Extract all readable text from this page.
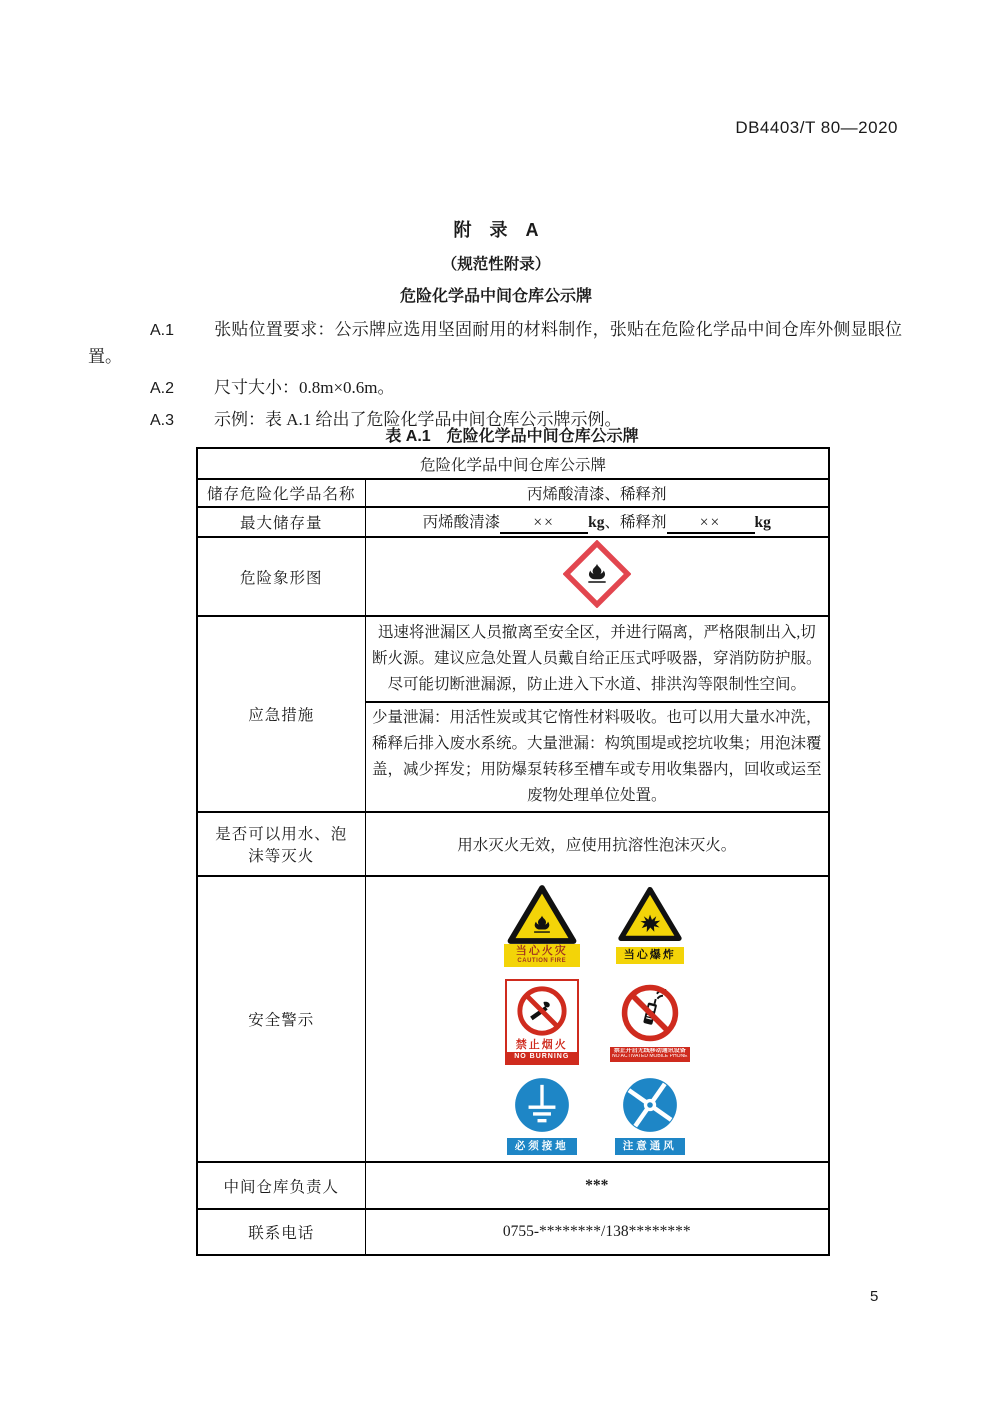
DB4403/T 80—2020
附　录　A
（规范性附录）
危险化学品中间仓库公示牌

A.1 张贴位置要求：公示牌应选用坚固耐用的材料制作，张贴在危险化学品中间仓库外侧显眼位置。

A.2 尺寸大小：0.8m×0.6m。

A.3 示例：表 A.1 给出了危险化学品中间仓库公示牌示例。

表 A.1　危险化学品中间仓库公示牌
危险化学品中间仓库公示牌	
储存危险化学品名称	丙烯酸清漆、稀释剂
最大储存量	丙烯酸清漆 ×× kg、稀释剂 ×× kg
危险象形图	
应急措施	迅速将泄漏区人员撤离至安全区，并进行隔离，严格限制出入,切断火源。建议应急处置人员戴自给正压式呼吸器，穿消防防护服。尽可能切断泄漏源，防止进入下水道、排洪沟等限制性空间。
	少量泄漏：用活性炭或其它惰性材料吸收。也可以用大量水冲洗，稀释后排入废水系统。大量泄漏：构筑围堤或挖坑收集；用泡沫覆盖，减少挥发；用防爆泵转移至槽车或专用收集器内，回收或运至废物处理单位处置。
是否可以用水、泡沫等灭火	用水灭火无效，应使用抗溶性泡沫灭火。
安全警示	
当心火灾
CAUTION FIRE	当心爆炸
禁止烟火
NO BURNING
禁止开启无线移动通讯设备
NO ACTIVATED MOBILE PHONE
必须接地	注意通风

中间仓库负责人	***
联系电话	0755-********/138********
5
